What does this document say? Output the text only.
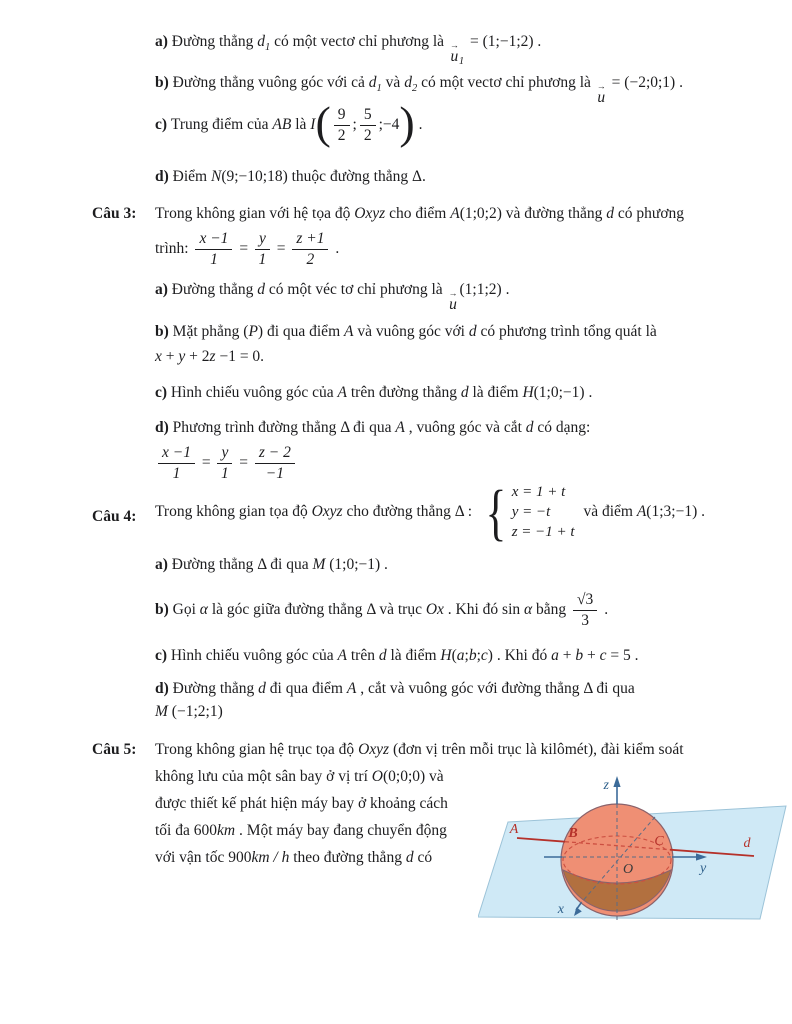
a) Đường thẳng $d_1$ có một vectơ chỉ phương là →
u 1
= (1;−1;2) .
b) Đường thẳng vuông góc với cả $d_1$ và $d_2$ có một vectơ chỉ phương là →
u
= (−2;0;1) .
c) Trung điểm của AB là $I( \frac{9}{2}$ ; $\frac{5}{2}$ ;−4) .
d) Điểm N(9;−10;18) thuộc đường thẳng Δ.
Câu 3: Trong không gian với hệ tọa độ Oxyz cho điểm A(1;0;2) và đường thẳng d có phương
trình: $\frac{x -1}{1} = \frac{y}{1} = \frac{z +1}{2}$ .
a) Đường thẳng d có một véc tơ chỉ phương là →
u
(1;1;2) .
b) Mặt phẳng (P) đi qua điểm A và vuông góc với d có phương trình tổng quát là
x + y + 2z −1 = 0.
c) Hình chiếu vuông góc của A trên đường thẳng d là điểm H(1;0;−1) .
d) Phương trình đường thẳng Δ đi qua A , vuông góc và cắt d có dạng:
$\frac{x -1}{1} = \frac{y}{1} = \frac{z - 2}{-1}$
Câu 4: Trong không gian tọa độ Oxyz cho đường thẳng Δ : { x = 1 + t
y = −t
z = −1 + t
và điểm A(1;3;−1) .
a) Đường thẳng Δ đi qua M (1;0;−1) .
b) Gọi α là góc giữa đường thẳng Δ và trục Ox . Khi đó sin α bằng $\frac{√3}{3}$ .
c) Hình chiếu vuông góc của A trên d là điểm H(a;b;c) . Khi đó a + b + c = 5 .
d) Đường thẳng d đi qua điểm A , cắt và vuông góc với đường thẳng Δ đi qua
M (−1;2;1)
Câu 5: Trong không gian hệ trục tọa độ Oxyz (đơn vị trên mỗi trục là kilômét), đài kiểm soát
không lưu của một sân bay ở vị trí O(0;0;0) và
được thiết kế phát hiện máy bay ở khoảng cách
tối đa 600km . Một máy bay đang chuyển động
với vận tốc 900km / h theo đường thẳng d có
z
y
x
O
A	B
C	d
